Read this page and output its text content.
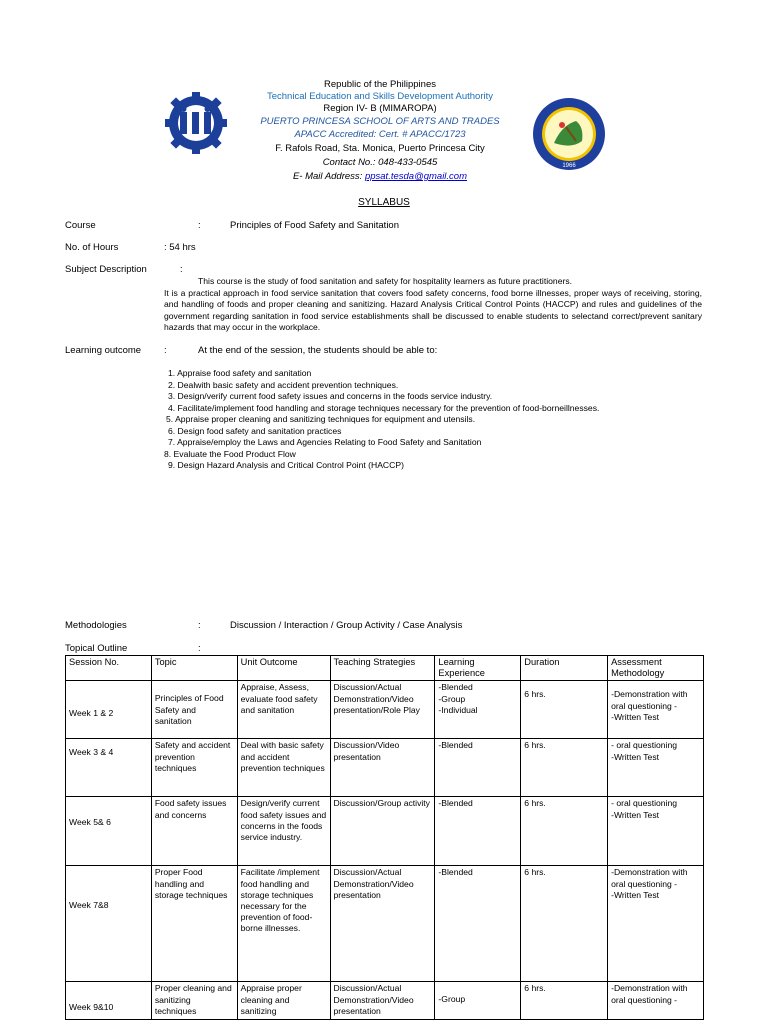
1966
Republic of the Philippines
Technical Education and Skills Development Authority
Region IV- B (MIMAROPA)
PUERTO PRINCESA SCHOOL OF ARTS AND TRADES
APACC Accredited: Cert. # APACC/1723
F. Rafols Road, Sta. Monica, Puerto Princesa City
Contact No.: 048-433-0545
E- Mail Address: ppsat.tesda@gmail.com
SYLLABUS
Course	:	Principles of Food Safety and Sanitation
No. of Hours	: 54 hrs
Subject Description	:

This course is the study of food sanitation and safety for hospitality learners as future practitioners.

It is a practical approach in food service sanitation that covers food safety concerns, food borne illnesses, proper ways of receiving, storing, and handling of foods and proper cleaning and sanitizing. Hazard Analysis Critical Control Points (HACCP) and rules and guidelines of the government regarding sanitation in food service establishments shall be discussed to enable students to selectand correct/prevent sanitary hazards that may occur in the workplace.

Learning outcome :	At the end of the session, the students should be able to:
1. Appraise food safety and sanitation
2. Dealwith basic safety and accident prevention techniques.
3. Design/verify current food safety issues and concerns in the foods service industry.
4. Facilitate/implement food handling and storage techniques necessary for the prevention of food-borneillnesses.
5. Appraise proper cleaning and sanitizing techniques for equipment and utensils.
6. Design food safety and sanitation practices
7. Appraise/employ the Laws and Agencies Relating to Food Safety and Sanitation
8. Evaluate the Food Product Flow
9. Design Hazard Analysis and Critical Control Point (HACCP)
Methodologies	:	Discussion / Interaction / Group Activity / Case Analysis
Topical Outline	:
Session No.	Topic	Unit Outcome	Teaching Strategies	Learning Experience	Duration	Assessment Methodology
Week 1 & 2	Principles of Food Safety and sanitation	Appraise, Assess, evaluate food safety and sanitation	Discussion/Actual Demonstration/Video presentation/Role Play	-Blended
-Group
-Individual	6 hrs.	-Demonstration with oral questioning -
-Written Test
Week 3 & 4	Safety and accident prevention techniques	Deal with basic safety and accident prevention techniques	Discussion/Video presentation	-Blended	6 hrs.	- oral questioning
-Written Test
Week 5& 6	Food safety issues and concerns	Design/verify current food safety issues and concerns in the foods service industry.	Discussion/Group activity	-Blended	6 hrs.	- oral questioning
-Written Test
Week 7&8	Proper Food handling and storage techniques	Facilitate /implement food handling and storage techniques necessary for the prevention of food-borne illnesses.	Discussion/Actual Demonstration/Video presentation	-Blended	6 hrs.	-Demonstration with oral questioning -
-Written Test
Week 9&10	Proper cleaning and sanitizing techniques	Appraise proper cleaning and sanitizing	Discussion/Actual Demonstration/Video presentation	-Group	6 hrs.	-Demonstration with oral questioning -
